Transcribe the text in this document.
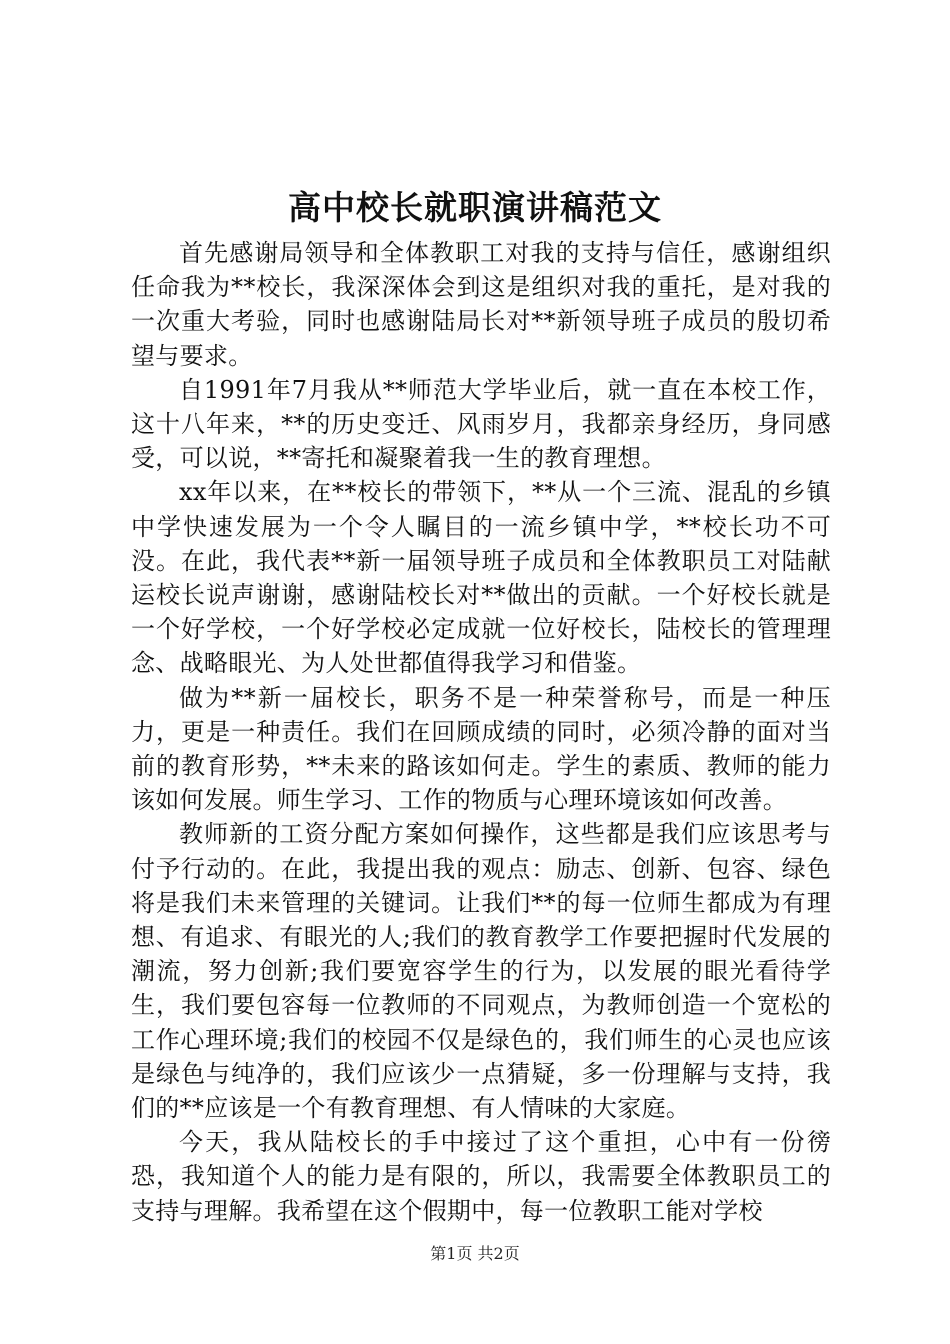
高中校长就职演讲稿范文

首先感谢局领导和全体教职工对我的支持与信任，感谢组织任命我为**校长，我深深体会到这是组织对我的重托，是对我的一次重大考验，同时也感谢陆局长对**新领导班子成员的殷切希望与要求。

自1991年7月我从**师范大学毕业后，就一直在本校工作，这十八年来，**的历史变迁、风雨岁月，我都亲身经历，身同感受，可以说，**寄托和凝聚着我一生的教育理想。

xx年以来，在**校长的带领下，**从一个三流、混乱的乡镇中学快速发展为一个令人瞩目的一流乡镇中学，**校长功不可没。在此，我代表**新一届领导班子成员和全体教职员工对陆献运校长说声谢谢，感谢陆校长对**做出的贡献。一个好校长就是一个好学校，一个好学校必定成就一位好校长，陆校长的管理理念、战略眼光、为人处世都值得我学习和借鉴。

做为**新一届校长，职务不是一种荣誉称号，而是一种压力，更是一种责任。我们在回顾成绩的同时，必须冷静的面对当前的教育形势，**未来的路该如何走。学生的素质、教师的能力该如何发展。师生学习、工作的物质与心理环境该如何改善。

教师新的工资分配方案如何操作，这些都是我们应该思考与付予行动的。在此，我提出我的观点：励志、创新、包容、绿色将是我们未来管理的关键词。让我们**的每一位师生都成为有理想、有追求、有眼光的人;我们的教育教学工作要把握时代发展的潮流，努力创新;我们要宽容学生的行为，以发展的眼光看待学生，我们要包容每一位教师的不同观点，为教师创造一个宽松的工作心理环境;我们的校园不仅是绿色的，我们师生的心灵也应该是绿色与纯净的，我们应该少一点猜疑，多一份理解与支持，我们的**应该是一个有教育理想、有人情味的大家庭。

今天，我从陆校长的手中接过了这个重担，心中有一份徬恐，我知道个人的能力是有限的，所以，我需要全体教职员工的支持与理解。我希望在这个假期中，每一位教职工能对学校

第1页 共2页
